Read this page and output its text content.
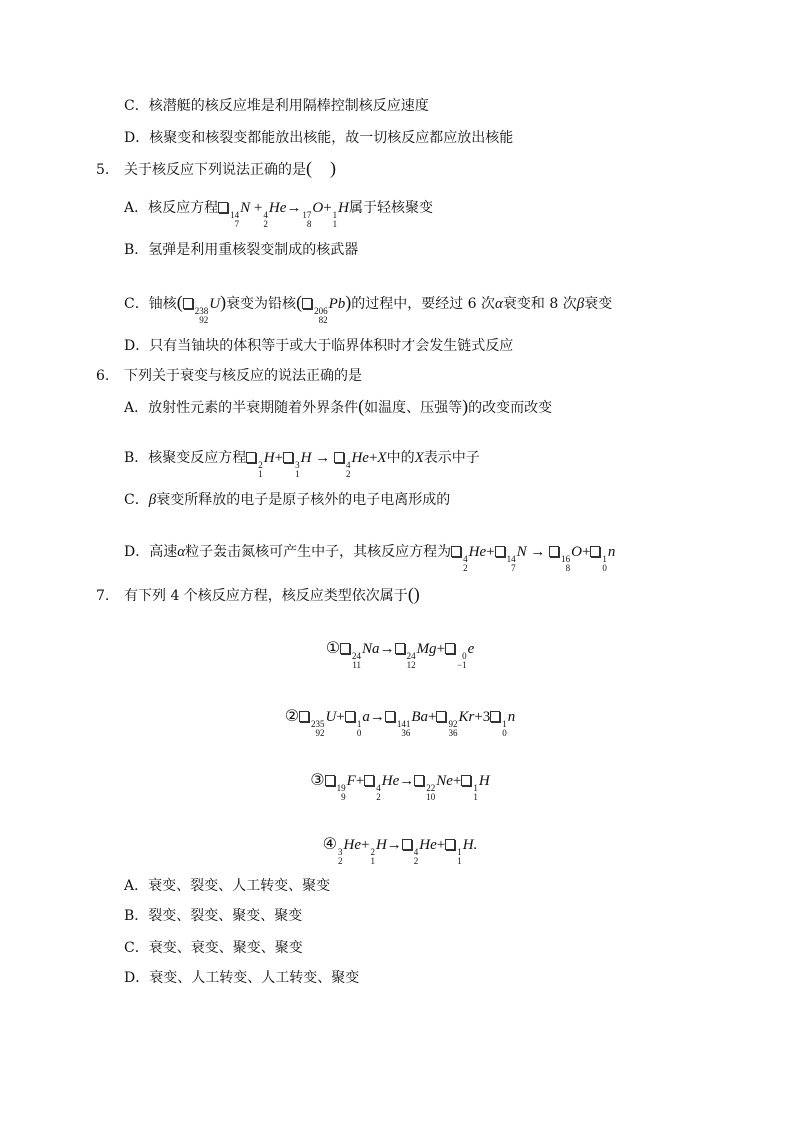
C．核潜艇的核反应堆是利用隔棒控制核反应速度
D．核聚变和核裂变都能放出核能，故一切核反应都应放出核能
5. 关于核反应下列说法正确的是(    )
A．核反应方程 14
7
N + 4
2
He→ 17
8
O+ 1
1
H属于轻核聚变
B．氢弹是利用重核裂变制成的核武器
C．铀核( 238
92
U)衰变为铅核( 206
82
Pb)的过程中，要经过 6 次α衰变和 8 次β衰变
D．只有当铀块的体积等于或大于临界体积时才会发生链式反应
6. 下列关于衰变与核反应的说法正确的是
A．放射性元素的半衰期随着外界条件(如温度、压强等)的改变而改变
B．核聚变反应方程 2
1
H+ 3
1
H → 4
2
He+X中的X表示中子
C．β衰变所释放的电子是原子核外的电子电离形成的
D．高速α粒子轰击氮核可产生中子，其核反应方程为 4
2
He+ 14
7
N → 16
8
O+ 1
0
n
7. 有下列 4 个核反应方程，核反应类型依次属于()
① 24
11
Na→ 24
12
Mg+	0
−1
e
② 235
92
U+ 1
0
a→ 141
36
Ba+ 92
36
Kr+3 1
0
n
③ 19
9
F+ 4
2
He→ 22
10
Ne+ 1
1
H
④ 3
2
He+ 2
1
H→ 4
2
He+ 1
1
H.
A．衰变、裂变、人工转变、聚变
B．裂变、裂变、聚变、聚变
C．衰变、衰变、聚变、聚变
D．衰变、人工转变、人工转变、聚变
